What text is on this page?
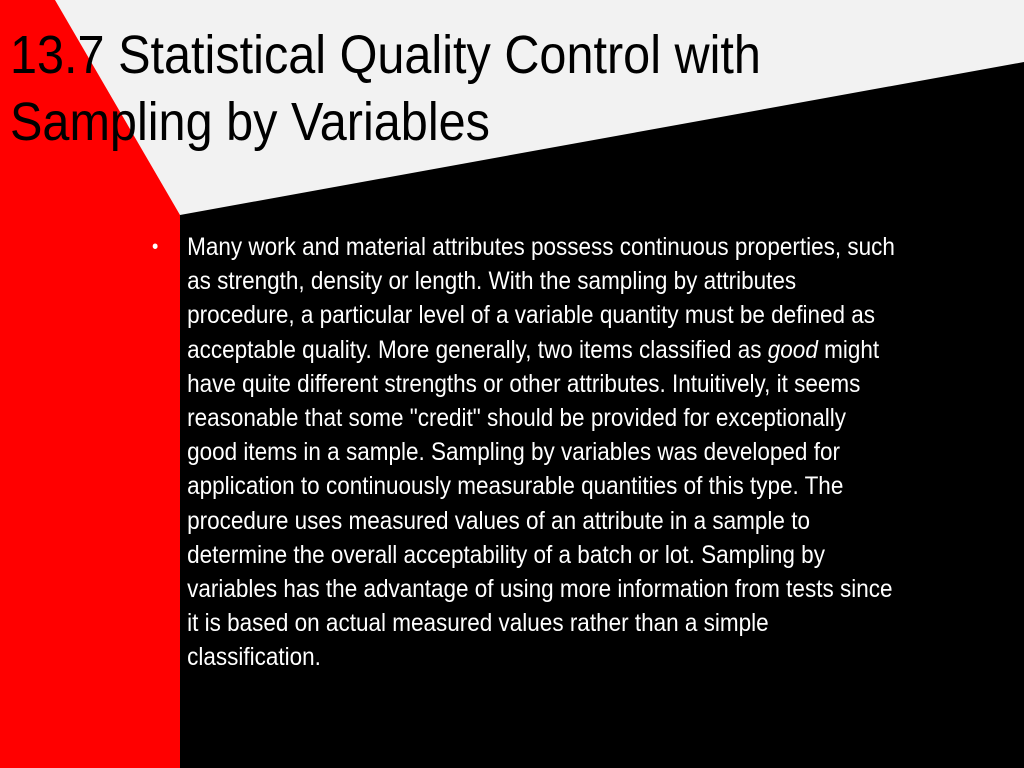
13.7 Statistical Quality Control with
Sampling by Variables
• Many work and material attributes possess continuous properties, such as strength, density or length. With the sampling by attributes procedure, a particular level of a variable quantity must be defined as acceptable quality. More generally, two items classified as good might have quite different strengths or other attributes. Intuitively, it seems reasonable that some "credit" should be provided for exceptionally good items in a sample. Sampling by variables was developed for application to continuously measurable quantities of this type. The procedure uses measured values of an attribute in a sample to determine the overall acceptability of a batch or lot. Sampling by variables has the advantage of using more information from tests since it is based on actual measured values rather than a simple classification.
